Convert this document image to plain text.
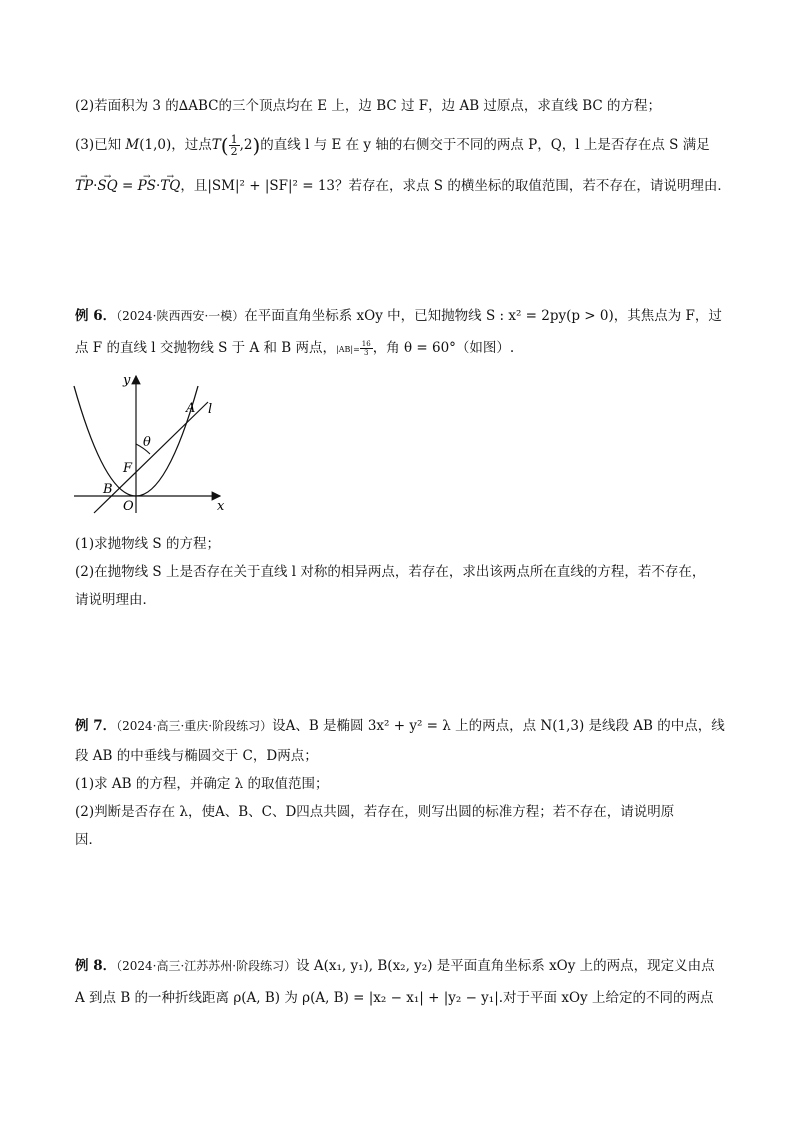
(2)若面积为 3 的∆ABC的三个顶点均在 E 上，边 BC 过 F，边 AB 过原点，求直线 BC 的方程；
(3)已知 M(1,0)，过点$T( \frac{1}{2} ,2)$的直线 l 与 E 在 y 轴的右侧交于不同的两点 P，Q，l 上是否存在点 S 满足
→ TP·→ SQ = → PS·→ TQ，且|SM|² + |SF|² = 13？若存在，求点 S 的横坐标的取值范围，若不存在，请说明理由．
例 6．（2024·陕西西安·一模）在平面直角坐标系 xOy 中，已知抛物线 S : x² = 2py(p > 0)，其焦点为 F，过
点 F 的直线 l 交抛物线 S 于 A 和 B 两点，$|AB|= \frac{16}{3}$ ，角 θ = 60°（如图）.
y
A l
θ
F
B
O	x
(1)求抛物线 S 的方程；
(2)在抛物线 S 上是否存在关于直线 l 对称的相异两点，若存在，求出该两点所在直线的方程，若不存在，
请说明理由．
例 7．（2024·高三·重庆·阶段练习）设A、B 是椭圆 3x² + y² = λ 上的两点，点 N(1,3) 是线段 AB 的中点，线
段 AB 的中垂线与椭圆交于 C，D两点；
(1)求 AB 的方程，并确定 λ 的取值范围；
(2)判断是否存在 λ，使A、B、C、D四点共圆，若存在，则写出圆的标准方程；若不存在，请说明原
因．
例 8．（2024·高三·江苏苏州·阶段练习）设 A(x₁, y₁), B(x₂, y₂) 是平面直角坐标系 xOy 上的两点，现定义由点
A 到点 B 的一种折线距离 ρ(A, B) 为 ρ(A, B) = |x₂ − x₁| + |y₂ − y₁|.对于平面 xOy 上给定的不同的两点
